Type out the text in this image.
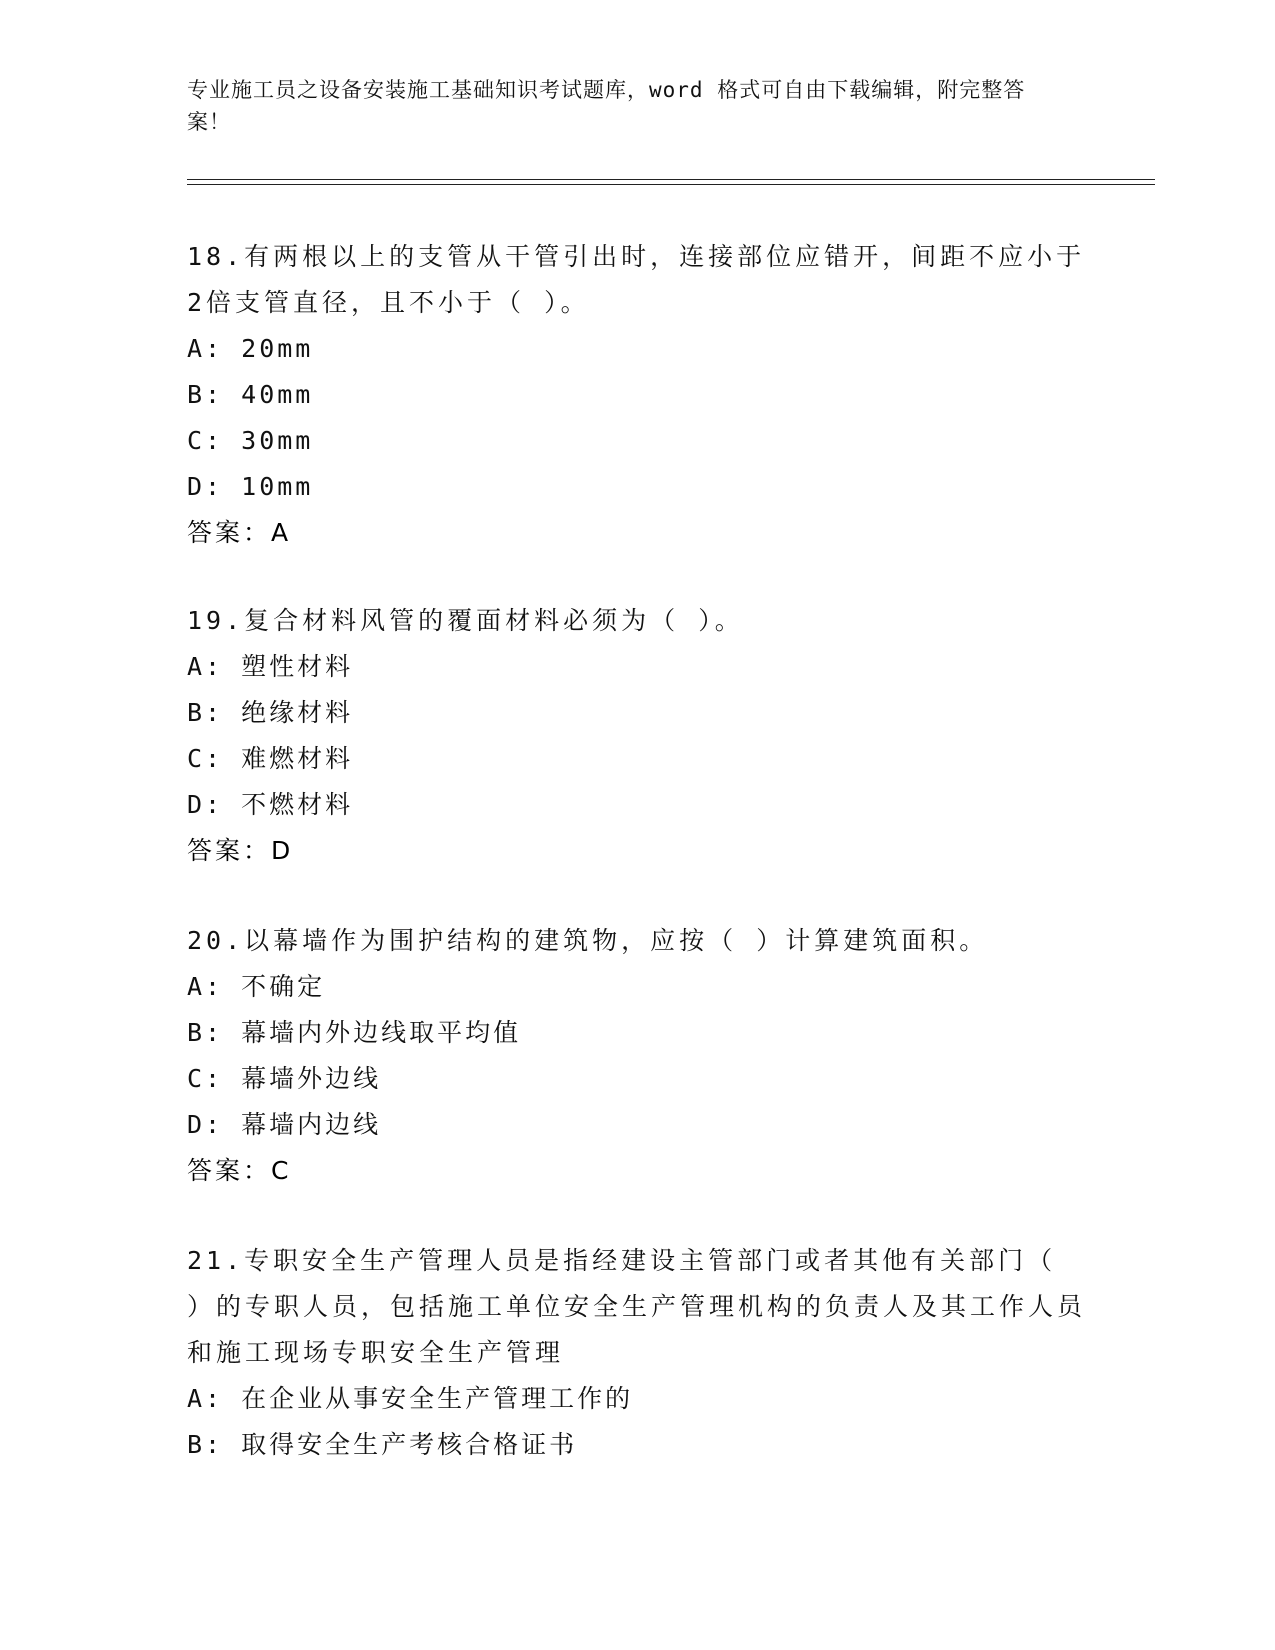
专业施工员之设备安装施工基础知识考试题库，word 格式可自由下载编辑，附完整答案！
18.有两根以上的支管从干管引出时，连接部位应错开，间距不应小于2倍支管直径，且不小于（ ）。
A: 20mm
B: 40mm
C: 30mm
D: 10mm
答案：A
19.复合材料风管的覆面材料必须为（ ）。
A: 塑性材料
B: 绝缘材料
C: 难燃材料
D: 不燃材料
答案：D
20.以幕墙作为围护结构的建筑物，应按（ ）计算建筑面积。
A: 不确定
B: 幕墙内外边线取平均值
C: 幕墙外边线
D: 幕墙内边线
答案：C
21.专职安全生产管理人员是指经建设主管部门或者其他有关部门（ ）的专职人员，包括施工单位安全生产管理机构的负责人及其工作人员和施工现场专职安全生产管理
A: 在企业从事安全生产管理工作的
B: 取得安全生产考核合格证书
